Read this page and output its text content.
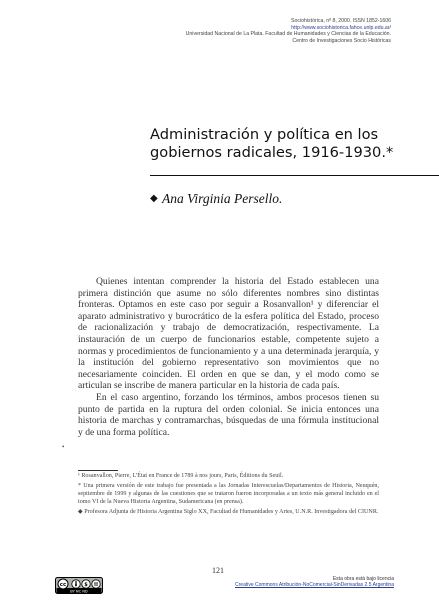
Sociohistórica, nº 8, 2000. ISSN 1852-1606
http://www.sociohistorica.fahce.unlp.edu.ar/
Universidad Nacional de La Plata. Facultad de Humanidades y Ciencias de la Educación.
Centro de Investigaciones Socio Históricas
Administración y política en los gobiernos radicales, 1916-1930.*
◆ Ana Virginia Persello.

Quienes intentan comprender la historia del Estado establecen una primera distinción que asume no sólo diferentes nombres sino distintas fronteras. Optamos en este caso por seguir a Rosanvallon¹ y diferenciar el aparato administrativo y burocrático de la esfera política del Estado, proceso de racionalización y trabajo de democratización, respectivamente. La instauración de un cuerpo de funcionarios estable, competente sujeto a normas y procedimientos de funcionamiento y a una determinada jerarquía, y la institución del gobierno representativo son movimientos que no necesariamente coinciden. El orden en que se dan, y el modo como se articulan se inscribe de manera particular en la historia de cada país.

En el caso argentino, forzando los términos, ambos procesos tienen su punto de partida en la ruptura del orden colonial. Se inicia entonces una historia de marchas y contramarchas, búsquedas de una fórmula institucional y de una forma política.

•

¹ Rosanvallon, Pierre, L'État en France de 1789 à nos jours, Paris, Éditions du Seuil.

* Una primera versión de este trabajo fue presentada a las Jornadas Interescuelas/Departamentos de Historia, Neuquén, septiembre de 1999 y algunas de las cuestiones que se trataron fueron incorporadas a un texto más general incluido en el tomo VI de la Nueva Historia Argentina, Sudamericana (en prensa).

◆ Profesora Adjunta de Historia Argentina Siglo XX, Facultad de Humanidades y Artes, U.N.R. Investigadora del CIUNR.

cc	$
BY NC ND
121
Esta obra está bajo licencia
Creative Commons Atribución-NoComercial-SinDerivadas 2.5 Argentina
